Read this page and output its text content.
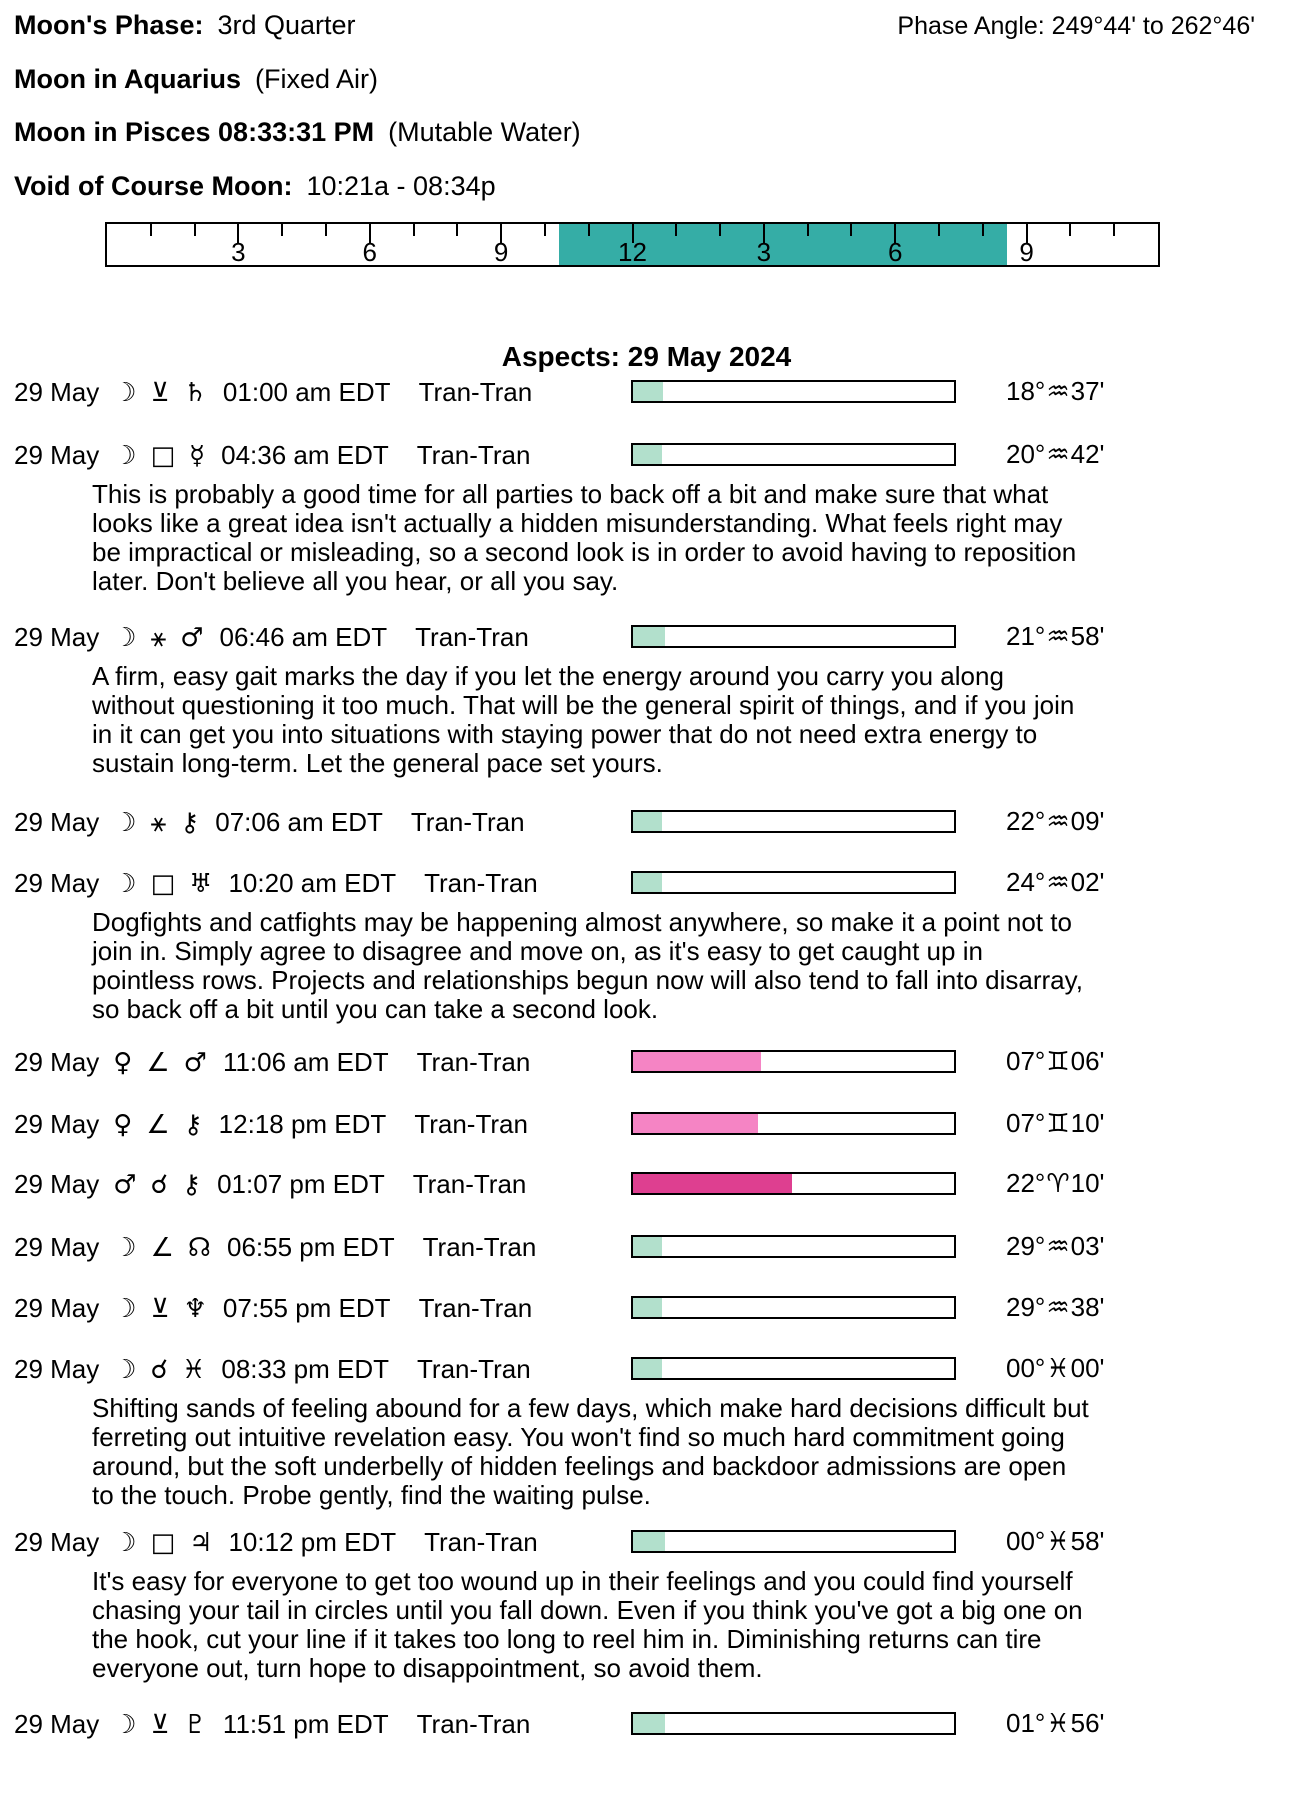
Moon's Phase: 3rd Quarter	Phase Angle: 249°44' to 262°46'
Moon in Aquarius (Fixed Air)
Moon in Pisces 08:33:31 PM (Mutable Water)
Void of Course Moon: 10:21a - 08:34p
3	6	9	12	3	6	9
Aspects: 29 May 2024
29 May ☽ ⊻ ♄ 01:00 am EDT Tran-Tran	18°♒37'
29 May ☽ □ ☿ 04:36 am EDT Tran-Tran	20°♒42'
This is probably a good time for all parties to back off a bit and make sure that what looks like a great idea isn't actually a hidden misunderstanding. What feels right may be impractical or misleading, so a second look is in order to avoid having to reposition later. Don't believe all you hear, or all you say.
29 May ☽ ⚹ ♂ 06:46 am EDT Tran-Tran	21°♒58'
A firm, easy gait marks the day if you let the energy around you carry you along without questioning it too much. That will be the general spirit of things, and if you join in it can get you into situations with staying power that do not need extra energy to sustain long-term. Let the general pace set yours.
29 May ☽ ⚹ ⚷ 07:06 am EDT Tran-Tran	22°♒09'
29 May ☽ □ ♅ 10:20 am EDT Tran-Tran	24°♒02'
Dogfights and catfights may be happening almost anywhere, so make it a point not to join in. Simply agree to disagree and move on, as it's easy to get caught up in pointless rows. Projects and relationships begun now will also tend to fall into disarray, so back off a bit until you can take a second look.
29 May ♀ ∠ ♂ 11:06 am EDT Tran-Tran	07°♊06'
29 May ♀ ∠ ⚷ 12:18 pm EDT Tran-Tran	07°♊10'
29 May ♂ ☌ ⚷ 01:07 pm EDT Tran-Tran	22°♈10'
29 May ☽ ∠ ☊ 06:55 pm EDT Tran-Tran	29°♒03'
29 May ☽ ⊻ ♆ 07:55 pm EDT Tran-Tran	29°♒38'
29 May ☽ ☌ ♓ 08:33 pm EDT Tran-Tran	00°♓00'
Shifting sands of feeling abound for a few days, which make hard decisions difficult but ferreting out intuitive revelation easy. You won't find so much hard commitment going around, but the soft underbelly of hidden feelings and backdoor admissions are open to the touch. Probe gently, find the waiting pulse.
29 May ☽ □ ♃ 10:12 pm EDT Tran-Tran	00°♓58'
It's easy for everyone to get too wound up in their feelings and you could find yourself chasing your tail in circles until you fall down. Even if you think you've got a big one on the hook, cut your line if it takes too long to reel him in. Diminishing returns can tire everyone out, turn hope to disappointment, so avoid them.
29 May ☽ ⊻ ♇ 11:51 pm EDT Tran-Tran	01°♓56'
